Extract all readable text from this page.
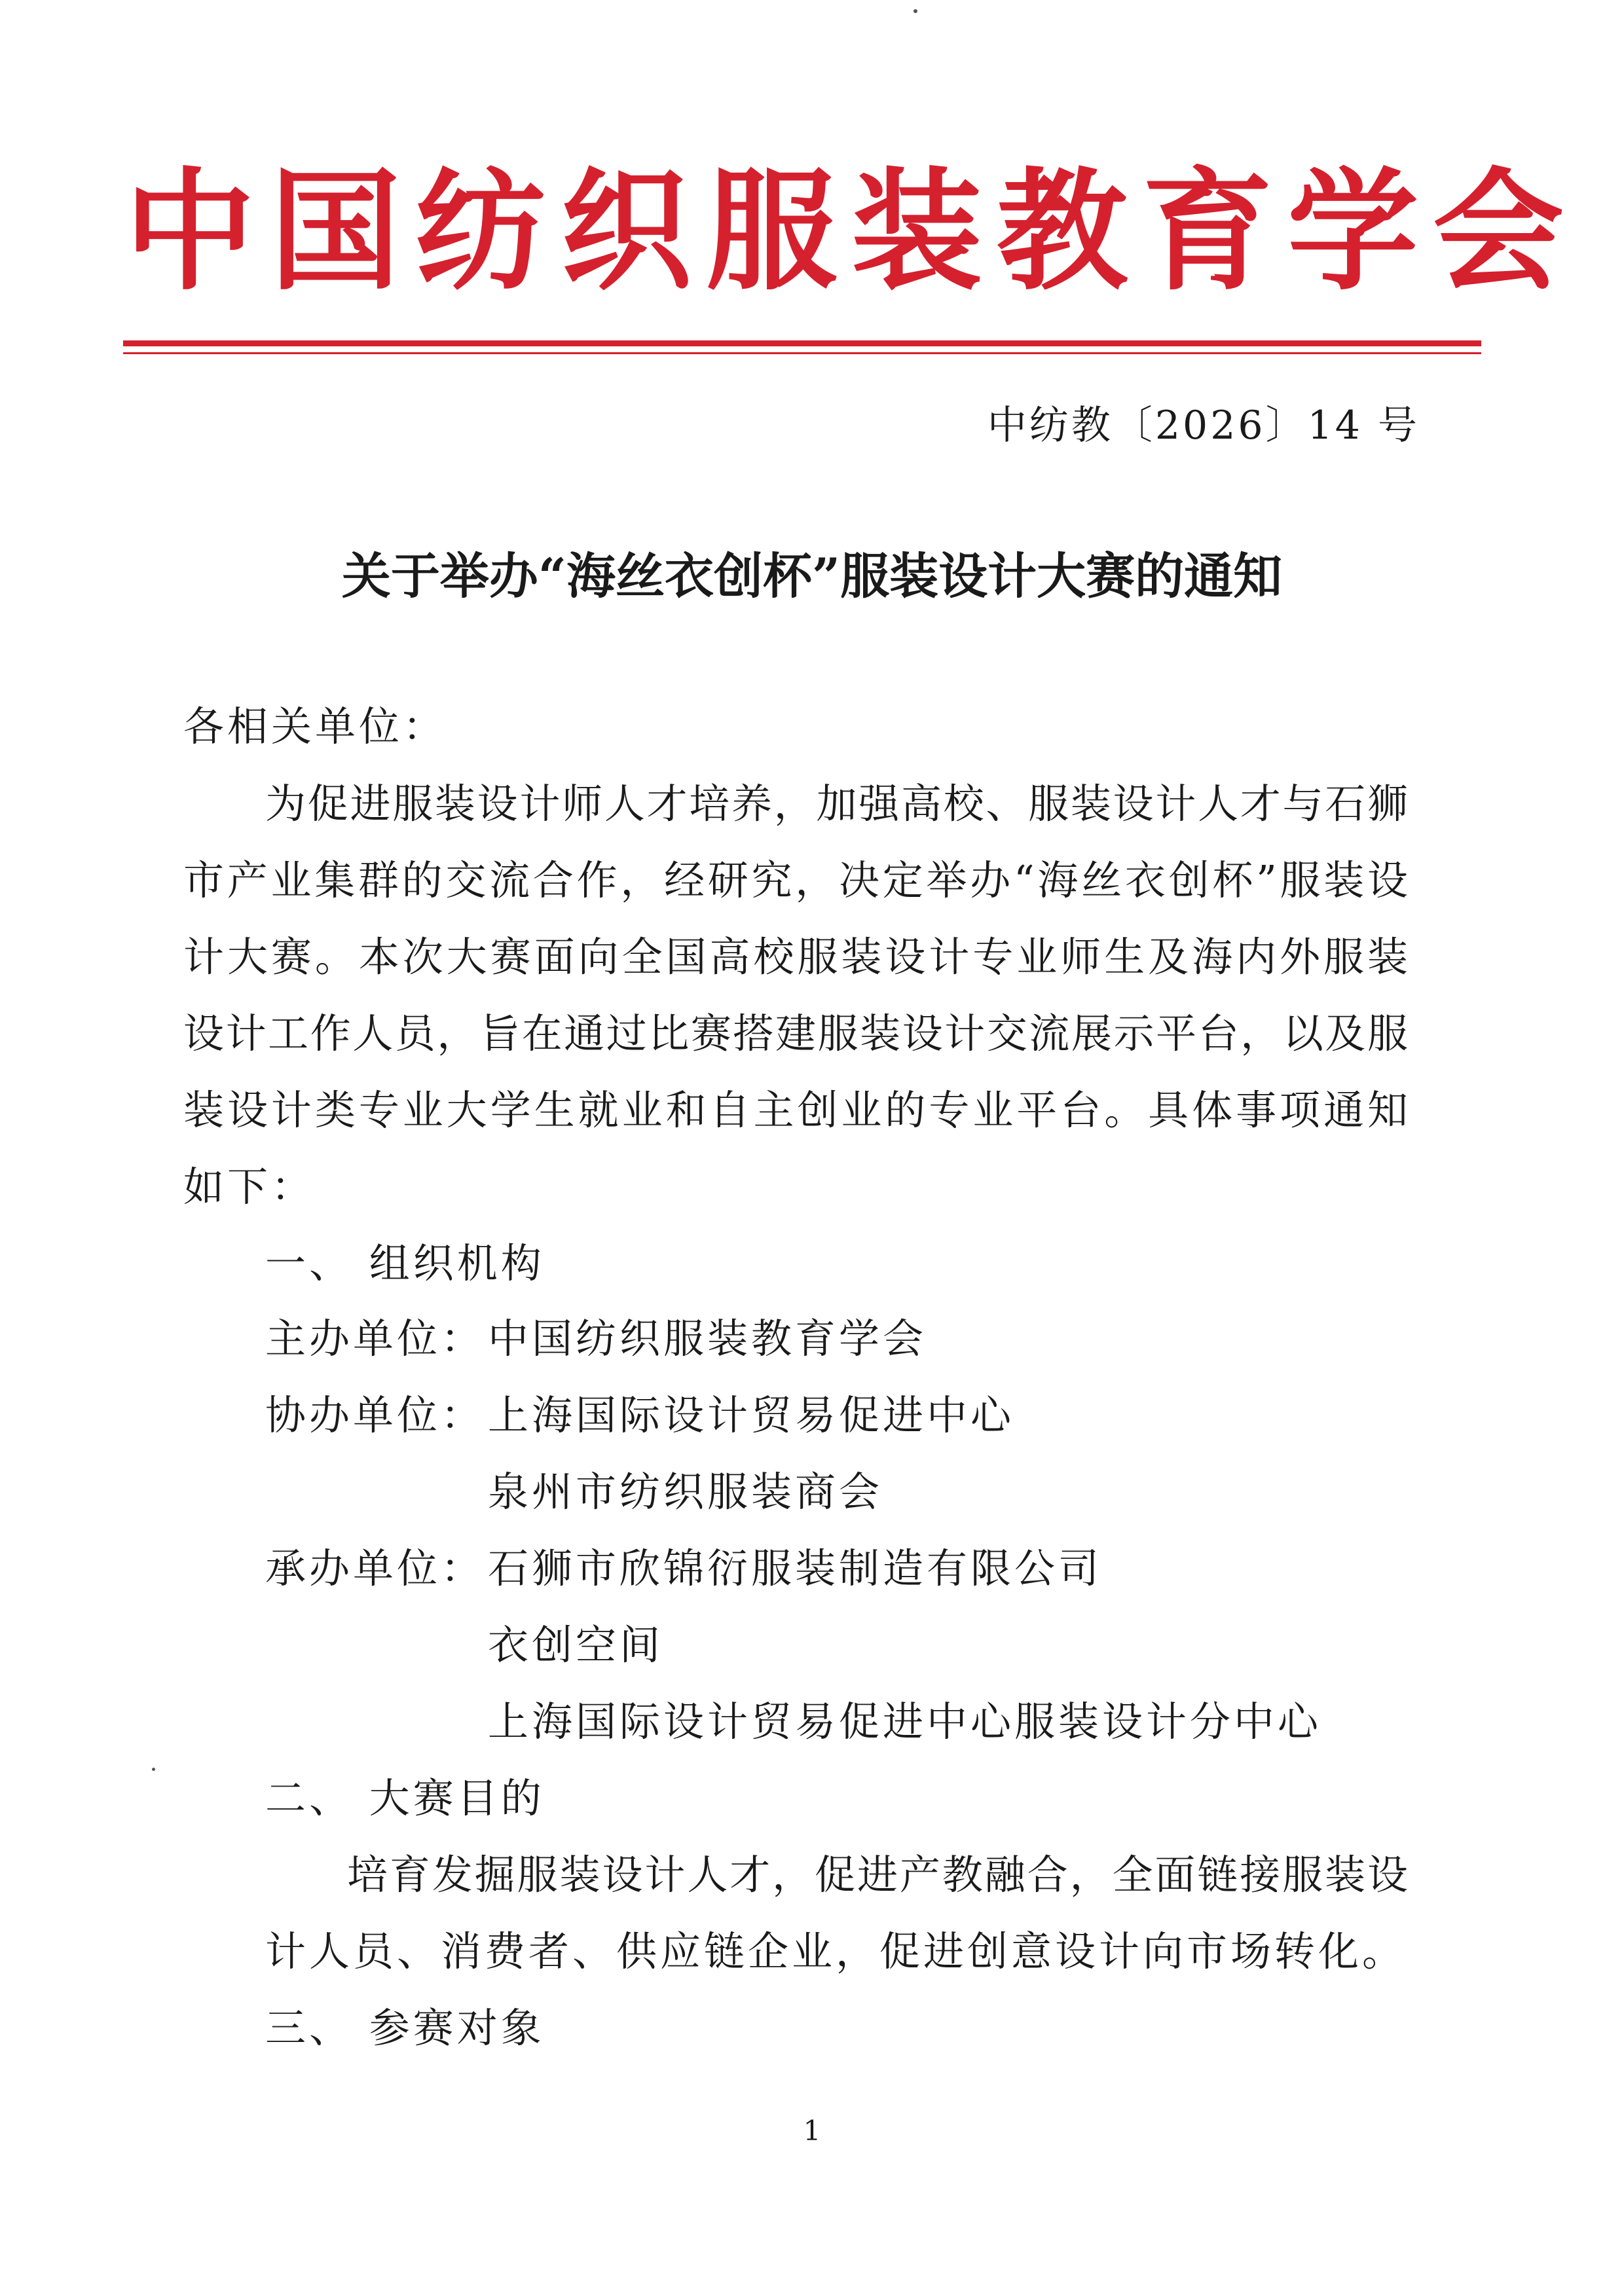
中国纺织服装教育学会
中纺教〔2026〕14 号
关于举办“海丝衣创杯”服装设计大赛的通知
各相关单位：
为促进服装设计师人才培养，加强高校、服装设计人才与石狮
市产业集群的交流合作，经研究，决定举办“海丝衣创杯”服装设
计大赛。本次大赛面向全国高校服装设计专业师生及海内外服装
设计工作人员，旨在通过比赛搭建服装设计交流展示平台，以及服
装设计类专业大学生就业和自主创业的专业平台。具体事项通知
如下：
一、 组织机构
主办单位： 中国纺织服装教育学会
协办单位： 上海国际设计贸易促进中心
泉州市纺织服装商会
承办单位： 石狮市欣锦衍服装制造有限公司
衣创空间
上海国际设计贸易促进中心服装设计分中心
二、 大赛目的
培育发掘服装设计人才，促进产教融合，全面链接服装设
计人员、消费者、供应链企业，促进创意设计向市场转化。
三、 参赛对象
1
